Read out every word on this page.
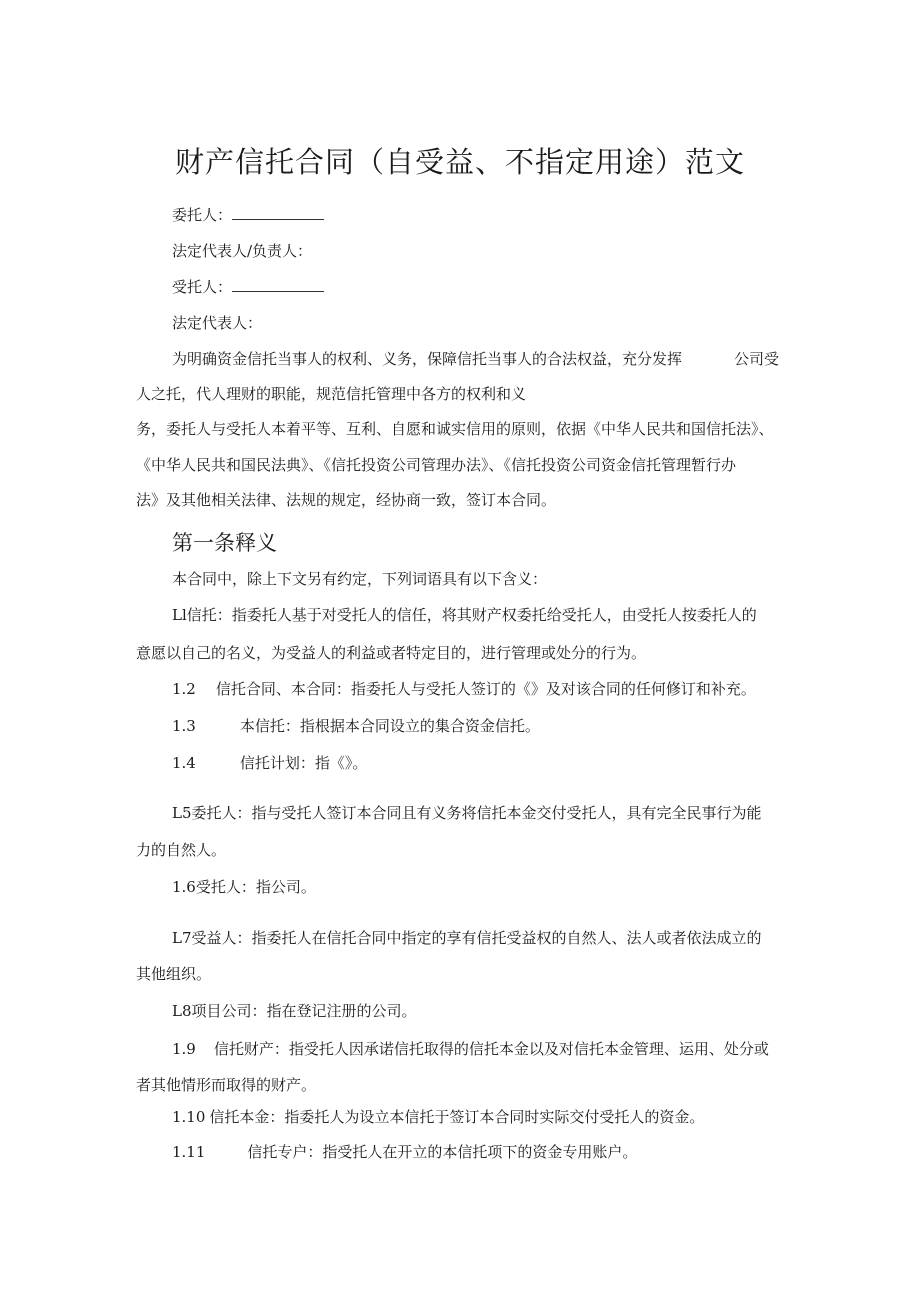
财产信托合同（自受益、不指定用途）范文
委托人：
法定代表人/负责人：
受托人：
法定代表人：
为明确资金信托当事人的权利、义务，保障信托当事人的合法权益，充分发挥	公司受
人之托，代人理财的职能，规范信托管理中各方的权利和义
务，委托人与受托人本着平等、互利、自愿和诚实信用的原则，依据《中华人民共和国信托法》、
《中华人民共和国民法典》、《信托投资公司管理办法》、《信托投资公司资金信托管理暂行办
法》及其他相关法律、法规的规定，经协商一致，签订本合同。
第一条释义
本合同中，除上下文另有约定，下列词语具有以下含义：
Ll信托：指委托人基于对受托人的信任，将其财产权委托给受托人，由受托人按委托人的
意愿以自己的名义，为受益人的利益或者特定目的，进行管理或处分的行为。
1.2 信托合同、本合同：指委托人与受托人签订的《》及对该合同的任何修订和补充。
1.3	本信托：指根据本合同设立的集合资金信托。
1.4	信托计划：指《》。
L5委托人：指与受托人签订本合同且有义务将信托本金交付受托人，具有完全民事行为能
力的自然人。
1.6受托人：指公司。
L7受益人：指委托人在信托合同中指定的享有信托受益权的自然人、法人或者依法成立的
其他组织。
L8项目公司：指在登记注册的公司。
1.9 信托财产：指受托人因承诺信托取得的信托本金以及对信托本金管理、运用、处分或
者其他情形而取得的财产。
1.10 信托本金：指委托人为设立本信托于签订本合同时实际交付受托人的资金。
1.11	信托专户：指受托人在开立的本信托项下的资金专用账户。
